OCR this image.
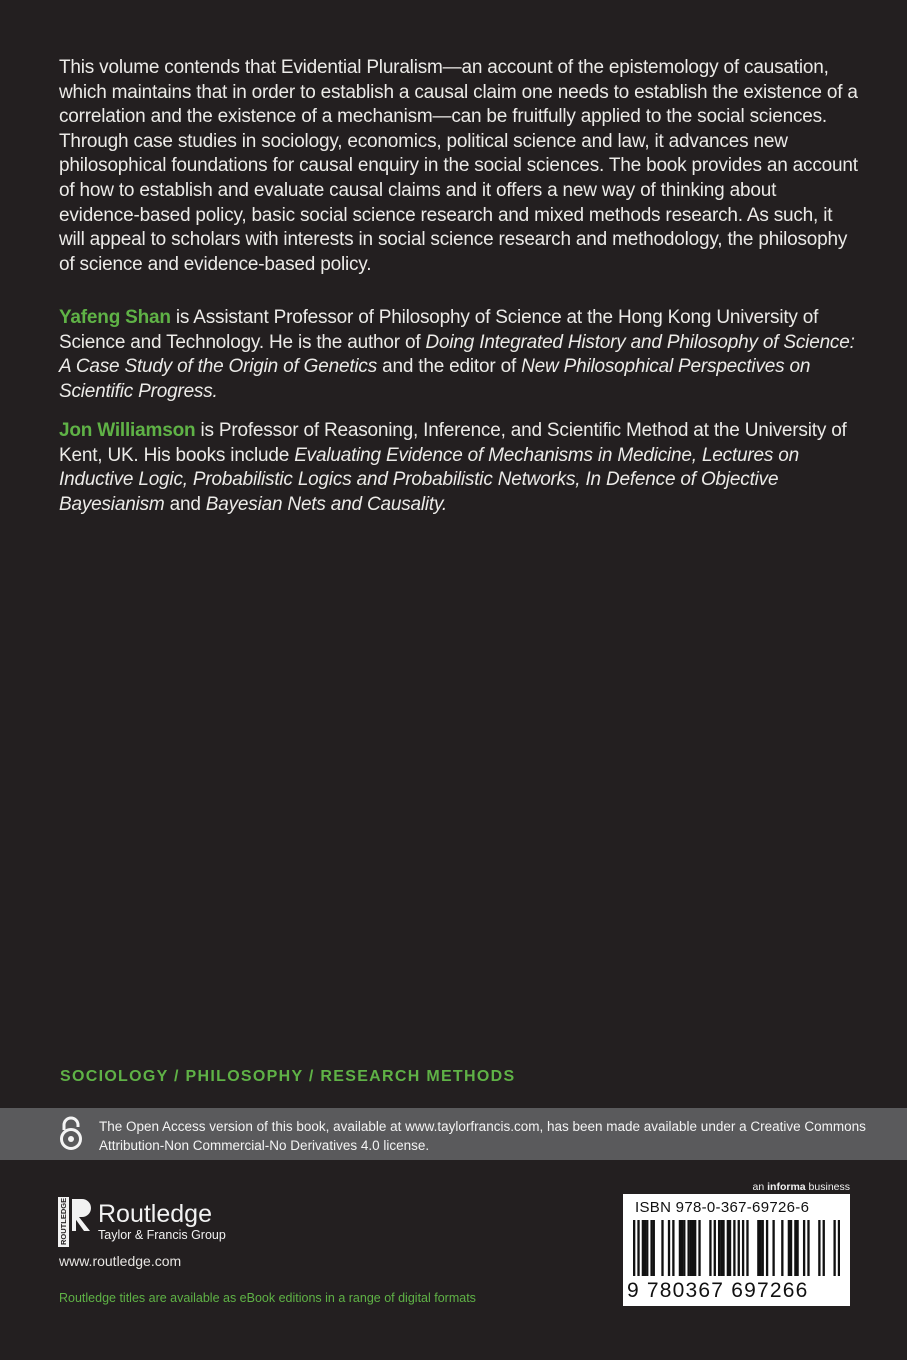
This volume contends that Evidential Pluralism—an account of the epistemology of causation, which maintains that in order to establish a causal claim one needs to establish the existence of a correlation and the existence of a mechanism—can be fruitfully applied to the social sciences. Through case studies in sociology, economics, political science and law, it advances new philosophical foundations for causal enquiry in the social sciences. The book provides an account of how to establish and evaluate causal claims and it offers a new way of thinking about evidence-based policy, basic social science research and mixed methods research. As such, it will appeal to scholars with interests in social science research and methodology, the philosophy of science and evidence-based policy.
Yafeng Shan is Assistant Professor of Philosophy of Science at the Hong Kong University of Science and Technology. He is the author of Doing Integrated History and Philosophy of Science: A Case Study of the Origin of Genetics and the editor of New Philosophical Perspectives on Scientific Progress.
Jon Williamson is Professor of Reasoning, Inference, and Scientific Method at the University of Kent, UK. His books include Evaluating Evidence of Mechanisms in Medicine, Lectures on Inductive Logic, Probabilistic Logics and Probabilistic Networks, In Defence of Objective Bayesianism and Bayesian Nets and Causality.
SOCIOLOGY / PHILOSOPHY / RESEARCH METHODS
The Open Access version of this book, available at www.taylorfrancis.com, has been made available under a Creative Commons Attribution-Non Commercial-No Derivatives 4.0 license.
ROUTLEDGE Routledge
Taylor & Francis Group
www.routledge.com
Routledge titles are available as eBook editions in a range of digital formats
an informa business
ISBN 978-0-367-69726-6
9 780367 697266
